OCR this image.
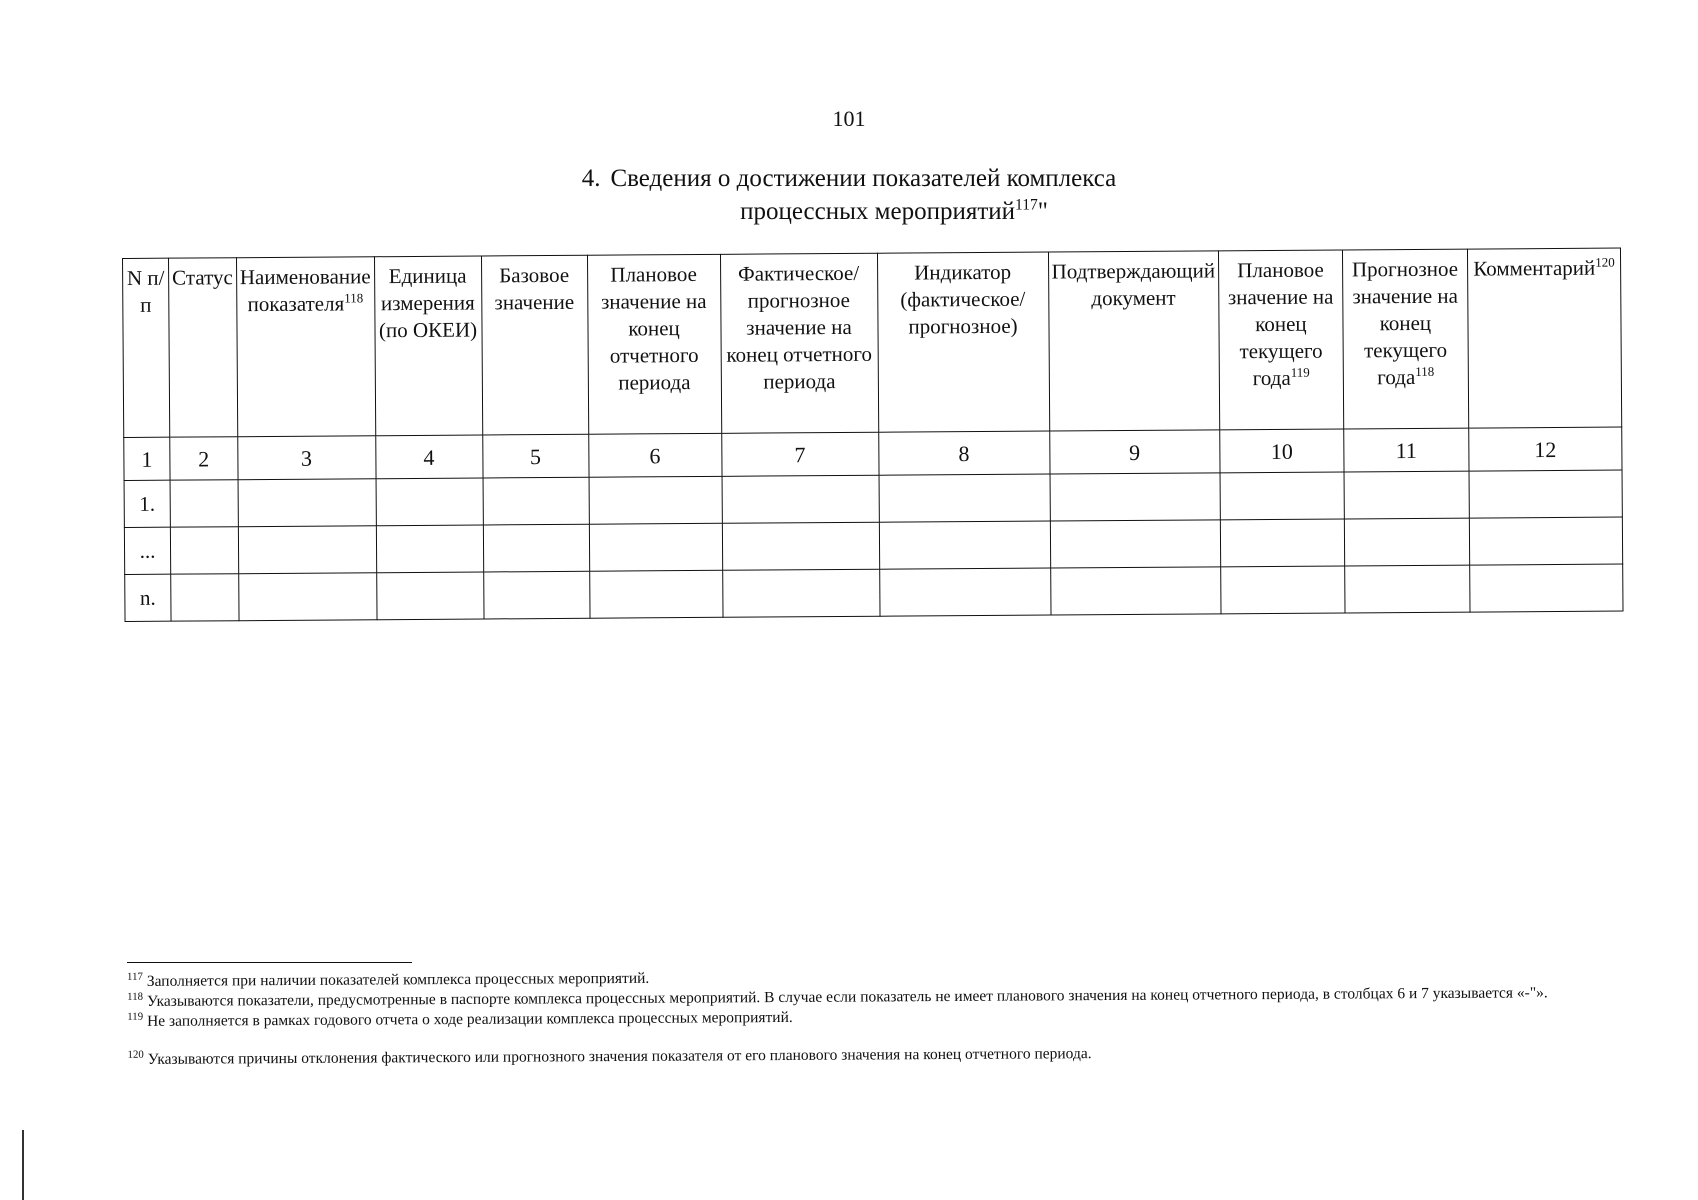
101
4. Сведения о достижении показателей комплекса
процессных мероприятий$^{117}$"
N п/п	Статус	Наименование показателя$^{118}$	Единица измерения (по ОКЕИ)	Базовое значение	Плановое значение на конец отчетного периода	Фактическое/ прогнозное значение на конец отчетного периода	Индикатор (фактическое/прогнозное)	Подтверждающий документ	Плановое значение на конец текущего года$^{119}$	Прогнозное значение на конец текущего года$^{118}$	Комментарий$^{120}$
1	2	3	4	5	6	7	8	9	10	11	12
1.											
...											
n.											

$^{117}$ Заполняется при наличии показателей комплекса процессных мероприятий.

$^{118}$ Указываются показатели, предусмотренные в паспорте комплекса процессных мероприятий. В случае если показатель не имеет планового значения на конец отчетного периода, в столбцах 6 и 7 указывается «-"».

$^{119}$ Не заполняется в рамках годового отчета о ходе реализации комплекса процессных мероприятий.

$^{120}$ Указываются причины отклонения фактического или прогнозного значения показателя от его планового значения на конец отчетного периода.
